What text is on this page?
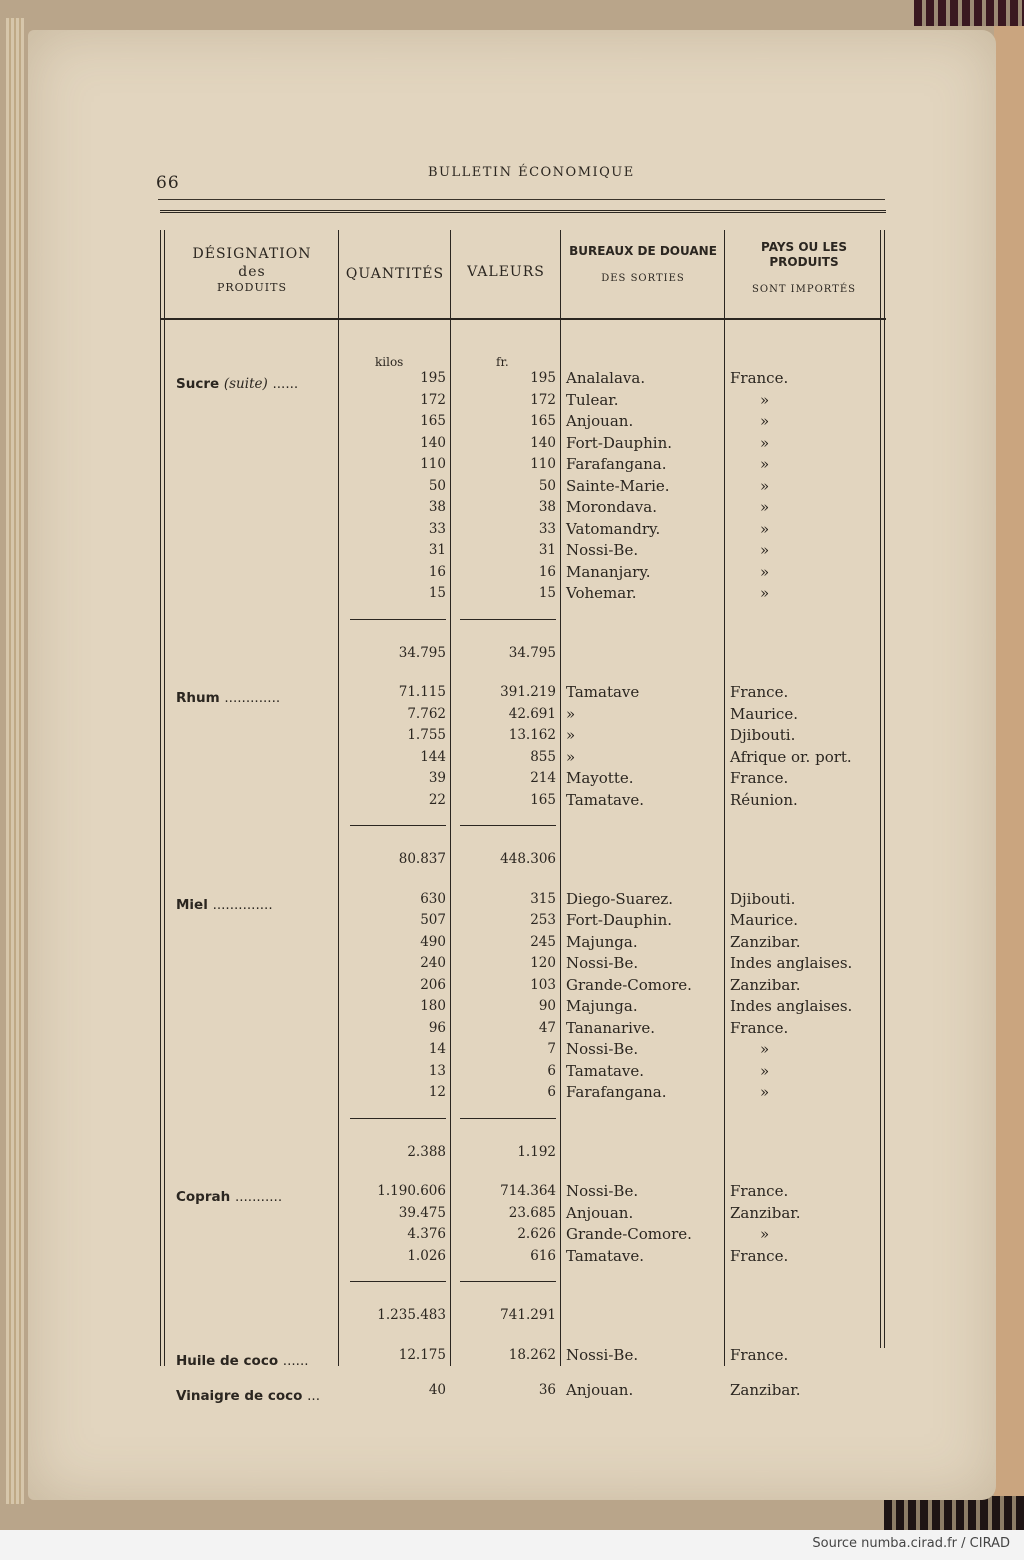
66
BULLETIN ÉCONOMIQUE
DÉSIGNATION
des
PRODUITS
QUANTITÉS	VALEURS
BUREAUX DE DOUANE
DES SORTIES
PAYS OU LES PRODUITS
SONT IMPORTÉS
kilos	fr.
Sucre (suite) ......	195	195 Analalava.	France.
172	172 Tulear.	»
165	165 Anjouan.	»
140	140 Fort-Dauphin.	»
110	110 Farafangana.	»
50	50 Sainte-Marie.	»
38	38 Morondava.	»
33	33 Vatomandry.	»
31	31 Nossi-Be.	»
16	16 Mananjary.	»
15	15 Vohemar.	»
34.795	34.795
Rhum .............	71.115	391.219 Tamatave	France.
7.762	42.691 »	Maurice.
1.755	13.162 »	Djibouti.
144	855 »	Afrique or. port.
39	214 Mayotte.	France.
22	165 Tamatave.	Réunion.
80.837	448.306
Miel ..............	630	315 Diego-Suarez.	Djibouti.
507	253 Fort-Dauphin.	Maurice.
490	245 Majunga.	Zanzibar.
240	120 Nossi-Be.	Indes anglaises.
206	103 Grande-Comore.	Zanzibar.
180	90 Majunga.	Indes anglaises.
96	47 Tananarive.	France.
14	7 Nossi-Be.	»
13	6 Tamatave.	»
12	6 Farafangana.	»
2.388	1.192
Coprah ...........	1.190.606	714.364 Nossi-Be.	France.
39.475	23.685 Anjouan.	Zanzibar.
4.376	2.626 Grande-Comore.	»
1.026	616 Tamatave.	France.
1.235.483	741.291
Huile de coco ......	12.175	18.262 Nossi-Be.	France.
Vinaigre de coco ...	40	36 Anjouan.	Zanzibar.
Source numba.cirad.fr / CIRAD
